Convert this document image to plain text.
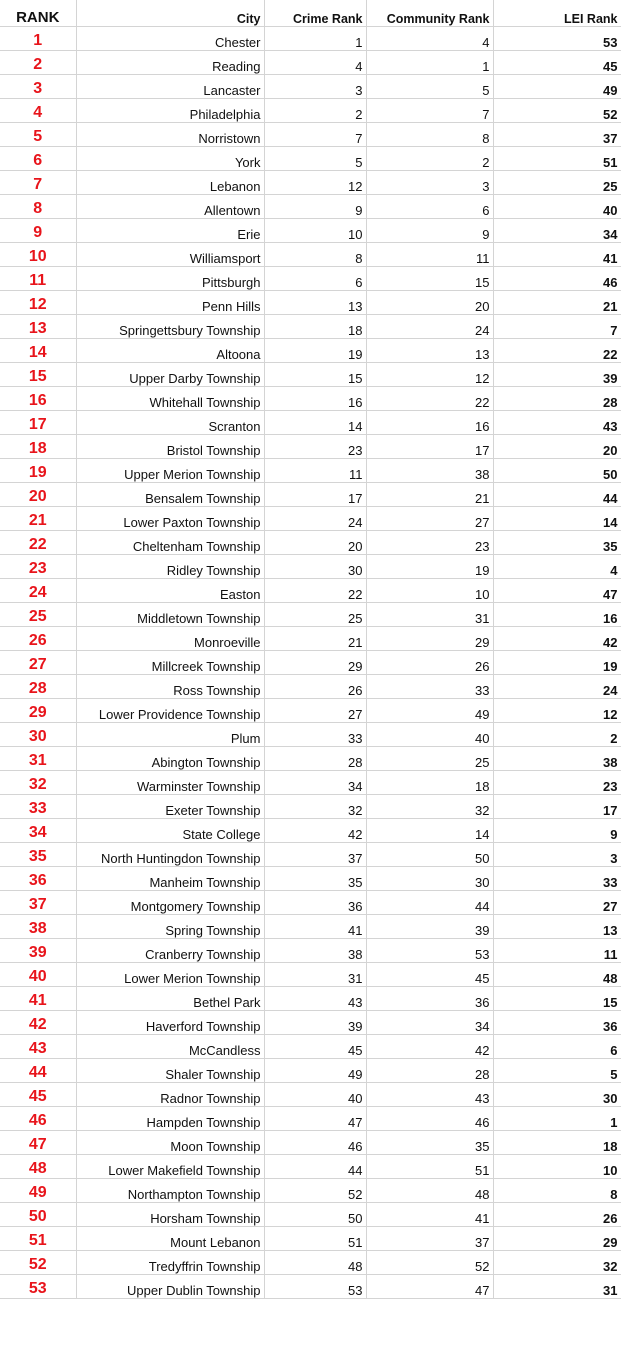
RANK	City	Crime Rank	Community Rank	LEI Rank
1	Chester	1	4	53
2	Reading	4	1	45
3	Lancaster	3	5	49
4	Philadelphia	2	7	52
5	Norristown	7	8	37
6	York	5	2	51
7	Lebanon	12	3	25
8	Allentown	9	6	40
9	Erie	10	9	34
10	Williamsport	8	11	41
11	Pittsburgh	6	15	46
12	Penn Hills	13	20	21
13	Springettsbury Township	18	24	7
14	Altoona	19	13	22
15	Upper Darby Township	15	12	39
16	Whitehall Township	16	22	28
17	Scranton	14	16	43
18	Bristol Township	23	17	20
19	Upper Merion Township	11	38	50
20	Bensalem Township	17	21	44
21	Lower Paxton Township	24	27	14
22	Cheltenham Township	20	23	35
23	Ridley Township	30	19	4
24	Easton	22	10	47
25	Middletown Township	25	31	16
26	Monroeville	21	29	42
27	Millcreek Township	29	26	19
28	Ross Township	26	33	24
29	Lower Providence Township	27	49	12
30	Plum	33	40	2
31	Abington Township	28	25	38
32	Warminster Township	34	18	23
33	Exeter Township	32	32	17
34	State College	42	14	9
35	North Huntingdon Township	37	50	3
36	Manheim Township	35	30	33
37	Montgomery Township	36	44	27
38	Spring Township	41	39	13
39	Cranberry Township	38	53	11
40	Lower Merion Township	31	45	48
41	Bethel Park	43	36	15
42	Haverford Township	39	34	36
43	McCandless	45	42	6
44	Shaler Township	49	28	5
45	Radnor Township	40	43	30
46	Hampden Township	47	46	1
47	Moon Township	46	35	18
48	Lower Makefield Township	44	51	10
49	Northampton Township	52	48	8
50	Horsham Township	50	41	26
51	Mount Lebanon	51	37	29
52	Tredyffrin Township	48	52	32
53	Upper Dublin Township	53	47	31
